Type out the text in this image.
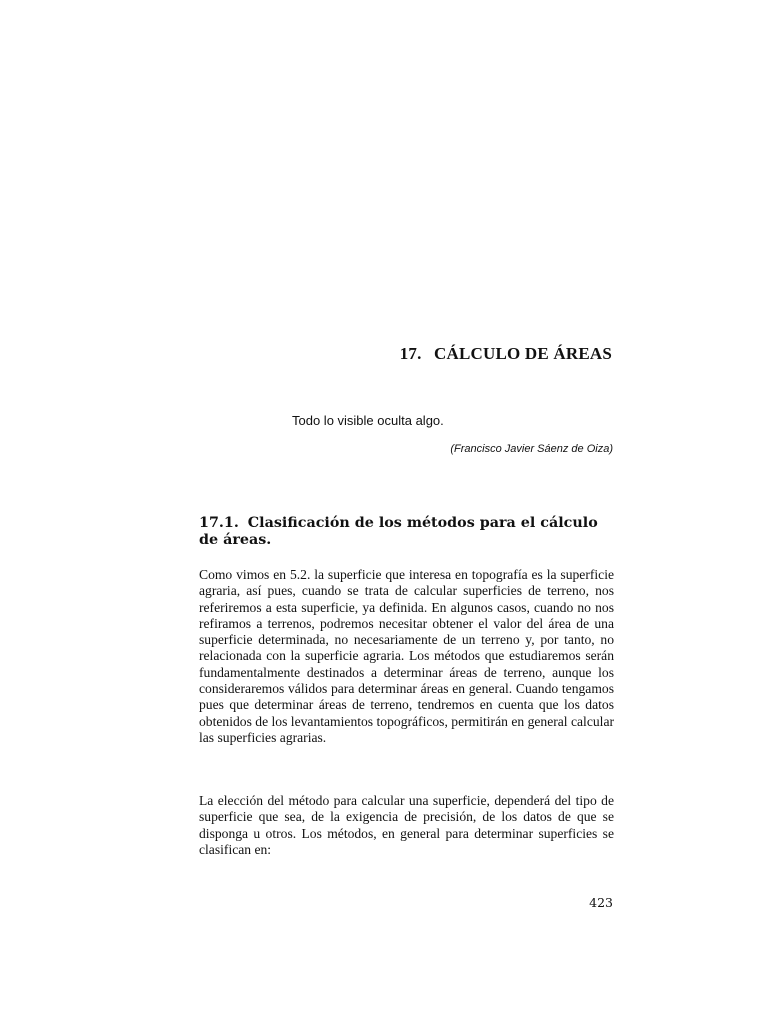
17. CÁLCULO DE ÁREAS
Todo lo visible oculta algo.
(Francisco Javier Sáenz de Oiza)
17.1. Clasificación de los métodos para el cálculo de áreas.

Como vimos en 5.2. la superficie que interesa en topografía es la superficie agraria, así pues, cuando se trata de calcular superficies de terreno, nos referiremos a esta superficie, ya definida. En algunos casos, cuando no nos refiramos a terrenos, podremos necesitar obtener el valor del área de una superficie determinada, no necesariamente de un terreno y, por tanto, no relacionada con la superficie agraria. Los métodos que estudiaremos serán fundamentalmente destinados a determinar áreas de terreno, aunque los consideraremos válidos para determinar áreas en general. Cuando tengamos pues que determinar áreas de terreno, tendremos en cuenta que los datos obtenidos de los levantamientos topográficos, permitirán en general calcular las superficies agrarias.

La elección del método para calcular una superficie, dependerá del tipo de superficie que sea, de la exigencia de precisión, de los datos de que se disponga u otros. Los métodos, en general para determinar superficies se clasifican en:

423
